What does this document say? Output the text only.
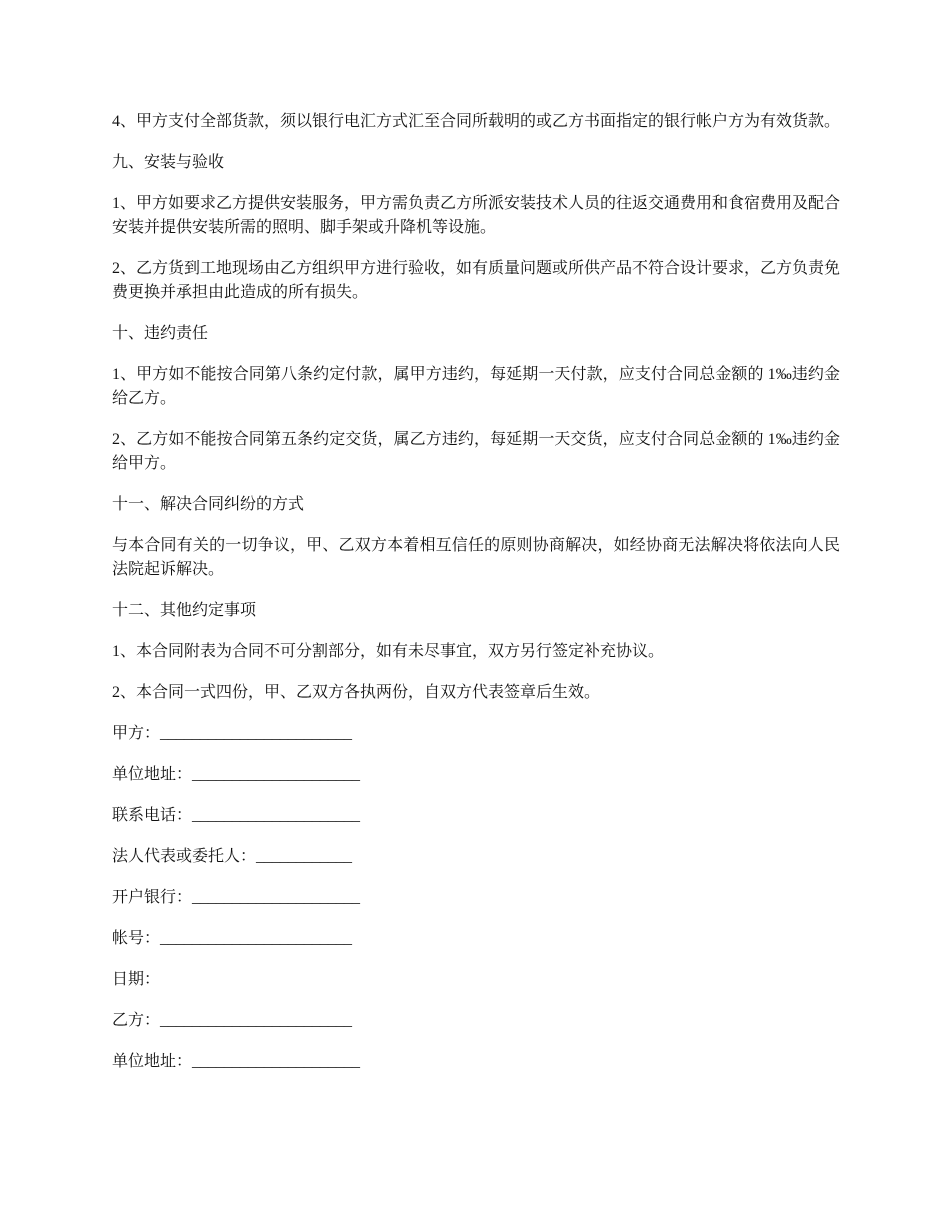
4、甲方支付全部货款，须以银行电汇方式汇至合同所载明的或乙方书面指定的银行帐户方为有效货款。

九、安装与验收

1、甲方如要求乙方提供安装服务，甲方需负责乙方所派安装技术人员的往返交通费用和食宿费用及配合安装并提供安装所需的照明、脚手架或升降机等设施。

2、乙方货到工地现场由乙方组织甲方进行验收，如有质量问题或所供产品不符合设计要求，乙方负责免费更换并承担由此造成的所有损失。

十、违约责任

1、甲方如不能按合同第八条约定付款，属甲方违约，每延期一天付款，应支付合同总金额的 1‰违约金给乙方。

2、乙方如不能按合同第五条约定交货，属乙方违约，每延期一天交货，应支付合同总金额的 1‰违约金给甲方。

十一、解决合同纠纷的方式

与本合同有关的一切争议，甲、乙双方本着相互信任的原则协商解决，如经协商无法解决将依法向人民法院起诉解决。

十二、其他约定事项

1、本合同附表为合同不可分割部分，如有未尽事宜，双方另行签定补充协议。

2、本合同一式四份，甲、乙双方各执两份，自双方代表签章后生效。

甲方：________________________

单位地址：_____________________

联系电话：_____________________

法人代表或委托人：____________

开户银行：_____________________

帐号：________________________

日期：

乙方：________________________

单位地址：_____________________
